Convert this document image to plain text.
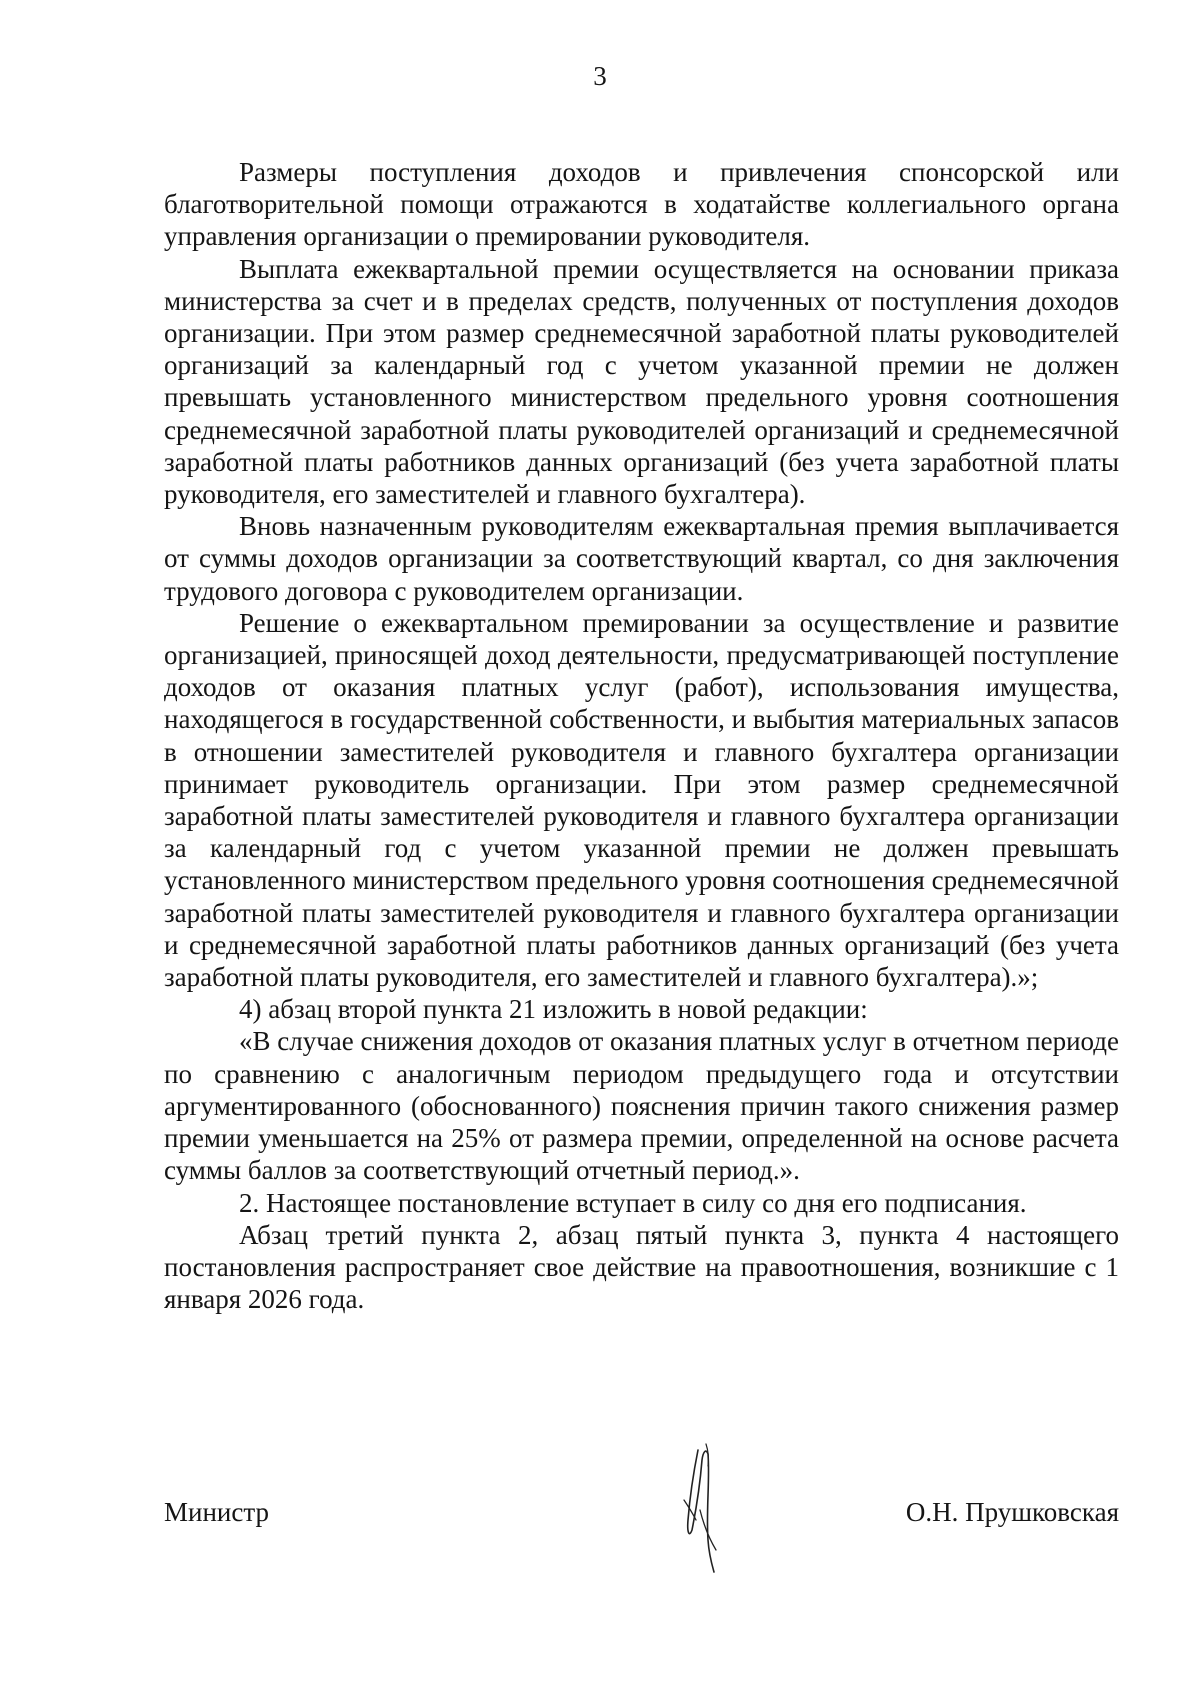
3

Размеры поступления доходов и привлечения спонсорской или благотворительной помощи отражаются в ходатайстве коллегиального органа управления организации о премировании руководителя.

Выплата ежеквартальной премии осуществляется на основании приказа министерства за счет и в пределах средств, полученных от поступления доходов организации. При этом размер среднемесячной заработной платы руководителей организаций за календарный год с учетом указанной премии не должен превышать установленного министерством предельного уровня соотношения среднемесячной заработной платы руководителей организаций и среднемесячной заработной платы работников данных организаций (без учета заработной платы руководителя, его заместителей и главного бухгалтера).

Вновь назначенным руководителям ежеквартальная премия выплачивается от суммы доходов организации за соответствующий квартал, со дня заключения трудового договора с руководителем организации.

Решение о ежеквартальном премировании за осуществление и развитие организацией, приносящей доход деятельности, предусматривающей поступление доходов от оказания платных услуг (работ), использования имущества, находящегося в государственной собственности, и выбытия материальных запасов в отношении заместителей руководителя и главного бухгалтера организации принимает руководитель организации. При этом размер среднемесячной заработной платы заместителей руководителя и главного бухгалтера организации за календарный год с учетом указанной премии не должен превышать установленного министерством предельного уровня соотношения среднемесячной заработной платы заместителей руководителя и главного бухгалтера организации и среднемесячной заработной платы работников данных организаций (без учета заработной платы руководителя, его заместителей и главного бухгалтера).»;

4) абзац второй пункта 21 изложить в новой редакции:

«В случае снижения доходов от оказания платных услуг в отчетном периоде по сравнению с аналогичным периодом предыдущего года и отсутствии аргументированного (обоснованного) пояснения причин такого снижения размер премии уменьшается на 25% от размера премии, определенной на основе расчета суммы баллов за соответствующий отчетный период.».

2. Настоящее постановление вступает в силу со дня его подписания.

Абзац третий пункта 2, абзац пятый пункта 3, пункта 4 настоящего постановления распространяет свое действие на правоотношения, возникшие с 1 января 2026 года.

Министр	О.Н. Прушковская
